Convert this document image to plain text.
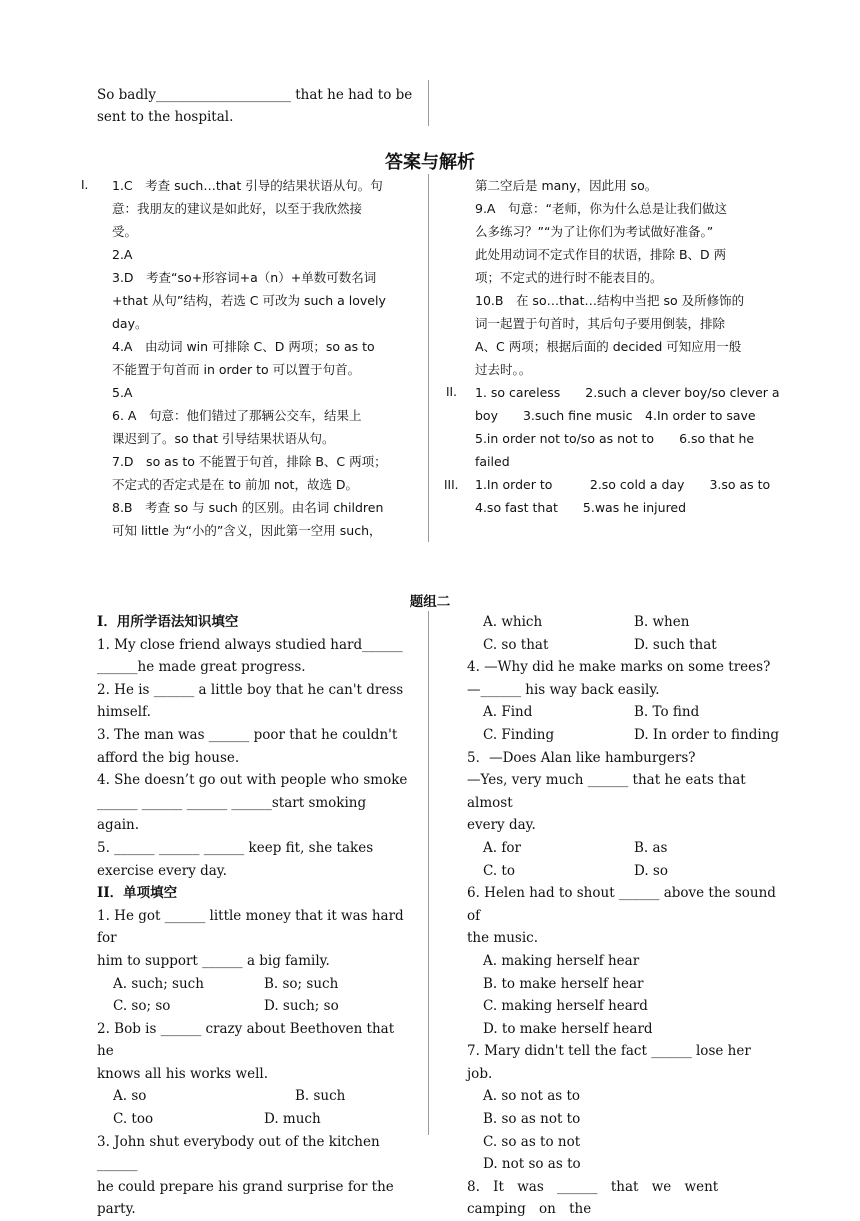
So badly____________________ that he had to be
sent to the hospital.
答案与解析
I. 1.C　考查 such…that 引导的结果状语从句。句
意：我朋友的建议是如此好，以至于我欣然接
受。
2.A
3.D　考查“so+形容词+a（n）+单数可数名词
+that 从句”结构，若选 C 可改为 such a lovely
day。
4.A　由动词 win 可排除 C、D 两项；so as to
不能置于句首而 in order to 可以置于句首。
5.A
6. A　句意：他们错过了那辆公交车，结果上
课迟到了。so that 引导结果状语从句。
7.D　so as to 不能置于句首，排除 B、C 两项；
不定式的否定式是在 to 前加 not，故选 D。
8.B　考查 so 与 such 的区别。由名词 children
可知 little 为“小的”含义，因此第一空用 such，
第二空后是 many，因此用 so。
9.A　句意：“老师，你为什么总是让我们做这
么多练习？”“为了让你们为考试做好准备。”
此处用动词不定式作目的状语，排除 B、D 两
项；不定式的进行时不能表目的。
10.B　在 so…that…结构中当把 so 及所修饰的
词一起置于句首时，其后句子要用倒装，排除
A、C 两项；根据后面的 decided 可知应用一般
过去时。。
1. so careless　　2.such a clever boy/so clever a
boy　　3.such fine music　4.In order to save
5.in order not to/so as not to　　6.so that he
failed
1.In order to　　　2.so cold a day　　3.so as to
4.so fast that　　5.was he injured
II.
III.
题组二
I．用所学语法知识填空
1. My close friend always studied hard______
______he made great progress.
2. He is ______ a little boy that he can't dress
himself.
3. The man was ______ poor that he couldn't
afford the big house.
4. She doesn’t go out with people who smoke
______ ______ ______ ______start smoking
again.
5. ______ ______ ______ keep fit, she takes
exercise every day.
II．单项填空
1. He got ______ little money that it was hard for
him to support ______ a big family.
A. such; such	B. so; such
C. so; so	D. such; so
2. Bob is ______ crazy about Beethoven that he
knows all his works well.
A. so	B. such
C. too	D. much
3. John shut everybody out of the kitchen ______
he could prepare his grand surprise for the party.
A. which	B. when
C. so that	D. such that
4. —Why did he make marks on some trees?
—______ his way back easily.
A. Find	B. To find
C. Finding	D. In order to finding
5．—Does Alan like hamburgers?
—Yes, very much ______ that he eats that almost
every day.
A. for	B. as
C. to	D. so
6. Helen had to shout ______ above the sound of
the music.
A. making herself hear
B. to make herself hear
C. making herself heard
D. to make herself heard
7. Mary didn't tell the fact ______ lose her job.
A. so not as to
B. so as not to
C. so as to not
D. not so as to
8. It was ______ that we went camping on the
